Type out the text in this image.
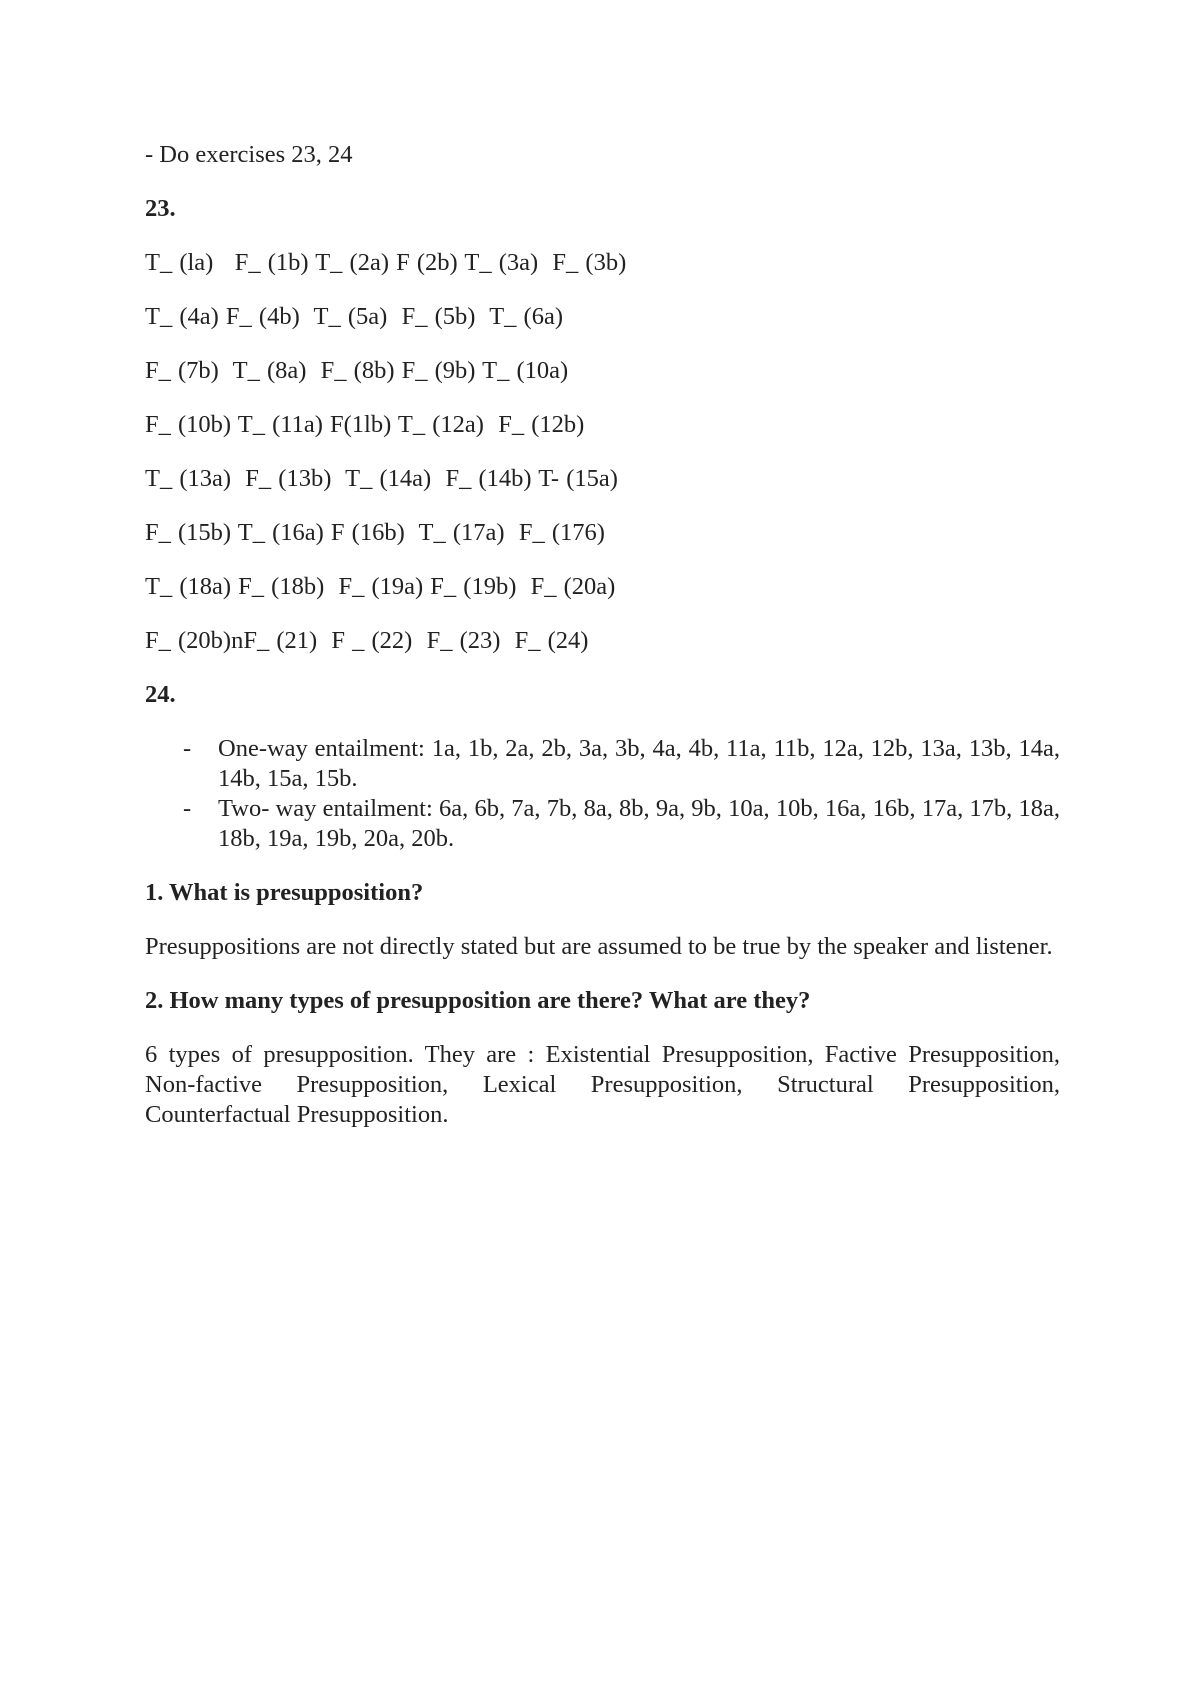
- Do exercises 23, 24
23.
T_ (la)   F_ (1b) T_ (2a) F (2b) T_ (3a)  F_ (3b)
T_ (4a) F_ (4b)  T_ (5a)  F_ (5b)  T_ (6a)
F_ (7b)  T_ (8a)  F_ (8b) F_ (9b) T_ (10a)
F_ (10b) T_ (11a) F(1lb) T_ (12a)  F_ (12b)
T_ (13a)  F_ (13b)  T_ (14a)  F_ (14b) T- (15a)
F_ (15b) T_ (16a) F (16b)  T_ (17a)  F_ (176)
T_ (18a) F_ (18b)  F_ (19a) F_ (19b)  F_ (20a)
F_ (20b)nF_ (21)  F _ (22)  F_ (23)  F_ (24)
24.
- One-way entailment: 1a, 1b, 2a, 2b, 3a, 3b, 4a, 4b, 11a, 11b, 12a, 12b, 13a, 13b, 14a, 14b, 15a, 15b.
- Two- way entailment: 6a, 6b, 7a, 7b, 8a, 8b, 9a, 9b, 10a, 10b, 16a, 16b, 17a, 17b, 18a, 18b, 19a, 19b, 20a, 20b.
1. What is presupposition?
Presuppositions are not directly stated but are assumed to be true by the speaker and listener.
2. How many types of presupposition are there? What are they?
6 types of presupposition. They are : Existential Presupposition, Factive Presupposition, Non-factive Presupposition, Lexical Presupposition, Structural Presupposition, Counterfactual Presupposition.
